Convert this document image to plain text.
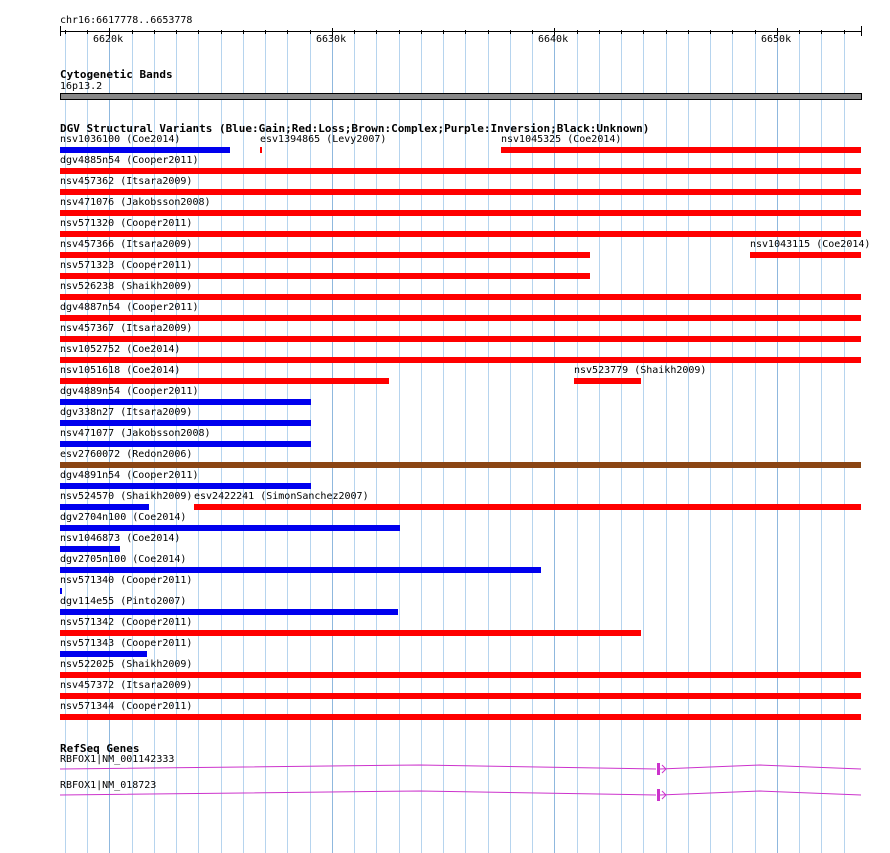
chr16:6617778..6653778
6620k	6630k	6640k	6650k
Cytogenetic Bands
16p13.2
DGV Structural Variants (Blue:Gain;Red:Loss;Brown:Complex;Purple:Inversion;Black:Unknown)
nsv1036100 (Coe2014)	esv1394865 (Levy2007)	nsv1045325 (Coe2014)
dgv4885n54 (Cooper2011)
nsv457362 (Itsara2009)
nsv471076 (Jakobsson2008)
nsv571320 (Cooper2011)
nsv457366 (Itsara2009)	nsv1043115 (Coe2014)
nsv571323 (Cooper2011)
nsv526238 (Shaikh2009)
dgv4887n54 (Cooper2011)
nsv457367 (Itsara2009)
nsv1052752 (Coe2014)
nsv1051618 (Coe2014)	nsv523779 (Shaikh2009)
dgv4889n54 (Cooper2011)
dgv338n27 (Itsara2009)
nsv471077 (Jakobsson2008)
esv2760072 (Redon2006)
dgv4891n54 (Cooper2011)
nsv524570 (Shaikh2009) esv2422241 (SimonSanchez2007)
dgv2704n100 (Coe2014)
nsv1046873 (Coe2014)
dgv2705n100 (Coe2014)
nsv571340 (Cooper2011)
dgv114e55 (Pinto2007)
nsv571342 (Cooper2011)
nsv571343 (Cooper2011)
nsv522025 (Shaikh2009)
nsv457372 (Itsara2009)
nsv571344 (Cooper2011)
RefSeq Genes
RBFOX1|NM_001142333
RBFOX1|NM_018723
